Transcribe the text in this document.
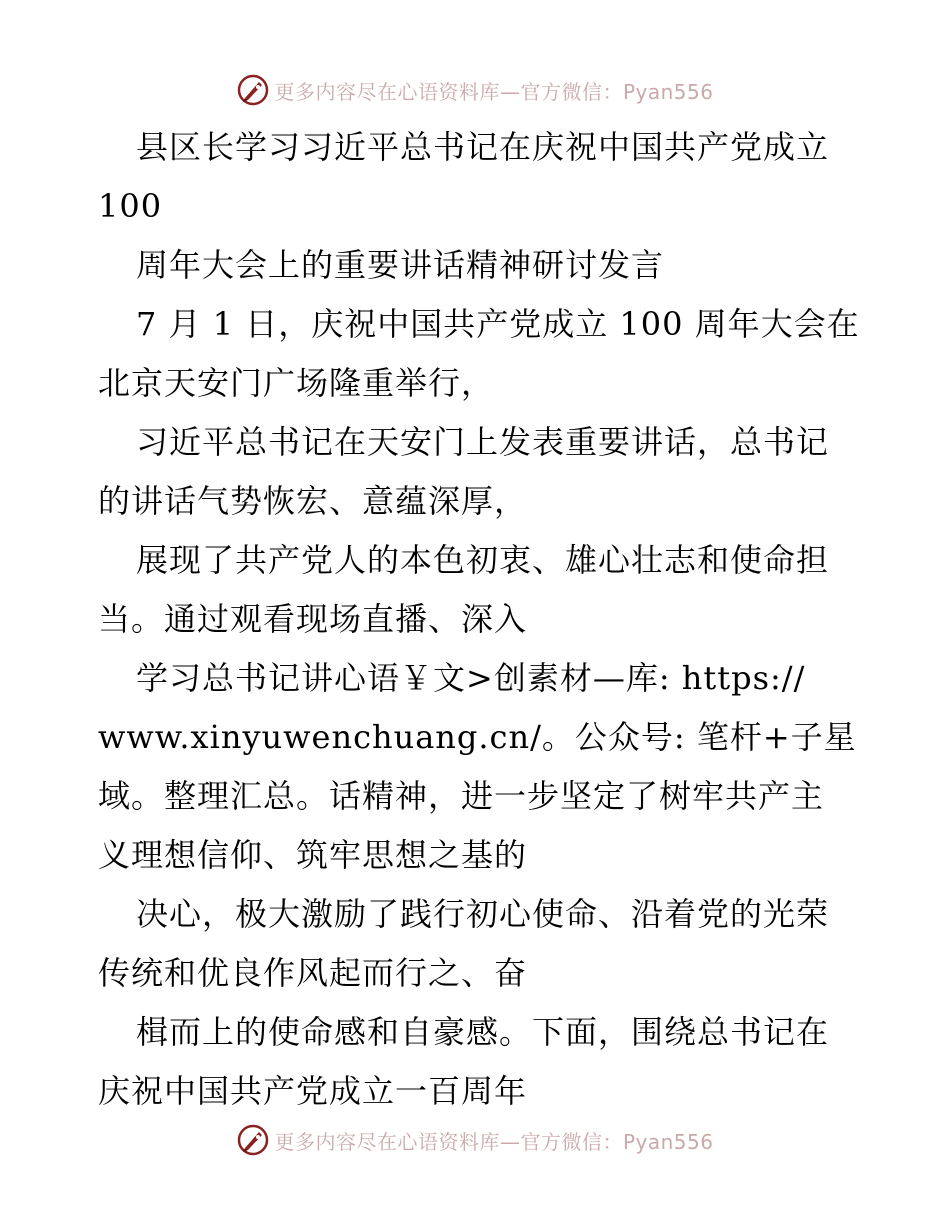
更多内容尽在心语资料库—官方微信：Pyan556
县区长学习习近平总书记在庆祝中国共产党成立
100
周年大会上的重要讲话精神研讨发言
7 月 1 日，庆祝中国共产党成立 100 周年大会在
北京天安门广场隆重举行，
习近平总书记在天安门上发表重要讲话，总书记
的讲话气势恢宏、意蕴深厚，
展现了共产党人的本色初衷、雄心壮志和使命担
当。通过观看现场直播、深入
学习总书记讲心语￥文>创素材—库: https://
www.xinyuwenchuang.cn/。公众号: 笔杆+子星
域。整理汇总。话精神，进一步坚定了树牢共产主
义理想信仰、筑牢思想之基的
决心，极大激励了践行初心使命、沿着党的光荣
传统和优良作风起而行之、奋
楫而上的使命感和自豪感。下面，围绕总书记在
庆祝中国共产党成立一百周年
更多内容尽在心语资料库—官方微信：Pyan556
